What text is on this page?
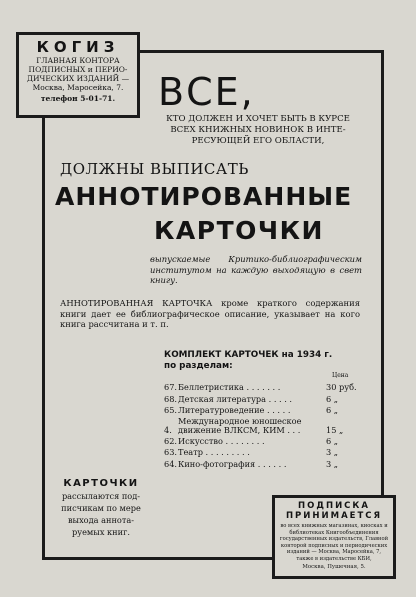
КОГИЗ
ГЛАВНАЯ КОНТОРА
ПОДПИСНЫХ и ПЕРИО-
ДИЧЕСКИХ ИЗДАНИЙ —
Москва, Маросейка, 7.
телефон 5-01-71.	ВСЕ,
КТО ДОЛЖЕН И ХОЧЕТ БЫТЬ В КУРСЕ
ВСЕХ КНИЖНЫХ НОВИНОК В ИНТЕ-
РЕСУЮЩЕЙ ЕГО ОБЛАСТИ,
ДОЛЖНЫ ВЫПИСАТЬ
АННОТИРОВАННЫЕ
КАРТОЧКИ
выпускаемые Критико-библиографическим институтом на каждую выходящую в свет книгу.
АННОТИРОВАННАЯ КАРТОЧКА кроме краткого содержания книги дает ее библиографическое описание, указывает на кого книга рассчитана и т. п.
КОМПЛЕКТ КАРТОЧЕК на 1934 г.
по разделам:
Цена
67. Беллетристика . . . . . . .	30 руб.
68. Детская литература . . . . .	6 „
65. Литературоведение . . . . .	6 „
4.
Международное юношеское движение ВЛКСМ, КИМ . . .	15 „
62. Искусство . . . . . . . .	6 „
63. Театр . . . . . . . . .	3 „
64. Кино-фотография . . . . . .	3 „
КАРТОЧКИ
рассылаются под-
писчикам по мере
выхода аннота-
руемых книг.
ПОДПИСКА
ПРИНИМАЕТСЯ
во всех книжных магазинах, киосках и библиотеках Книгообъединения государственных издательств, Главной конторой подписных и периодических изданий — Москва, Маросейка, 7, также в издательстве КБИ,
Москва, Пушечная, 5.
